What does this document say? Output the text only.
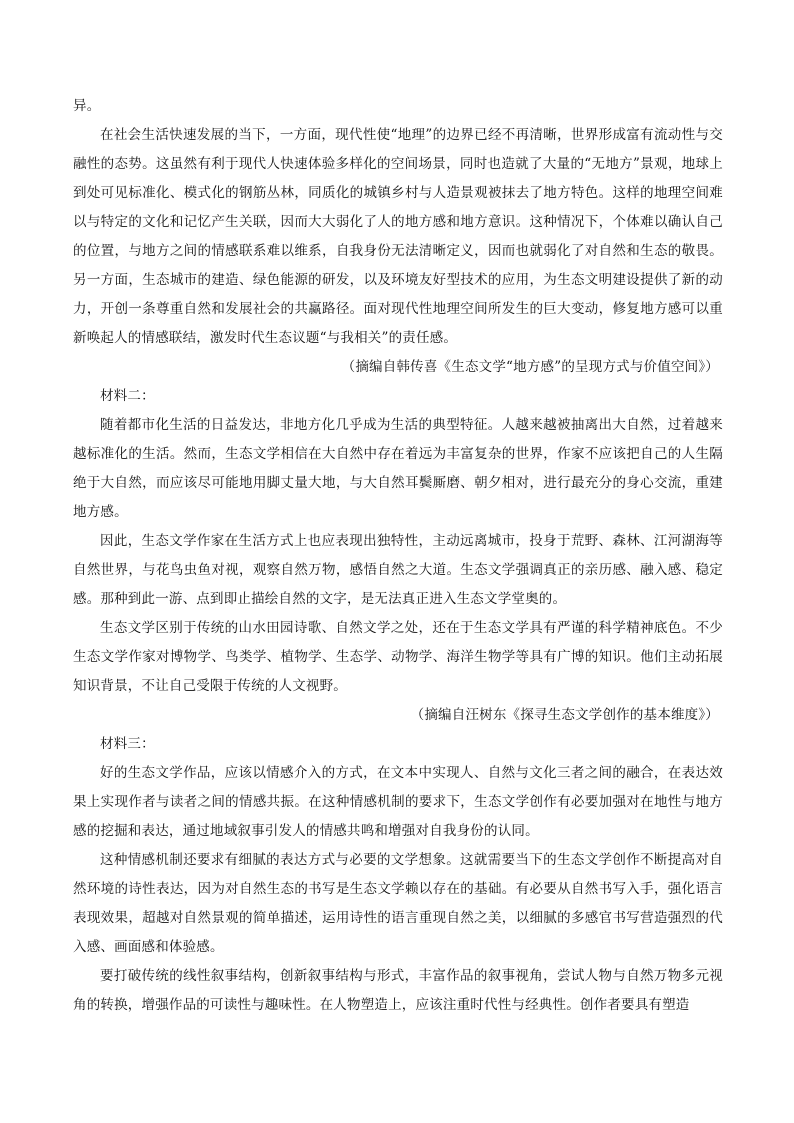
异。

在社会生活快速发展的当下，一方面，现代性使“地理”的边界已经不再清晰，世界形成富有流动性与交融性的态势。这虽然有利于现代人快速体验多样化的空间场景，同时也造就了大量的“无地方”景观，地球上到处可见标准化、模式化的钢筋丛林，同质化的城镇乡村与人造景观被抹去了地方特色。这样的地理空间难以与特定的文化和记忆产生关联，因而大大弱化了人的地方感和地方意识。这种情况下，个体难以确认自己的位置，与地方之间的情感联系难以维系，自我身份无法清晰定义，因而也就弱化了对自然和生态的敬畏。另一方面，生态城市的建造、绿色能源的研发，以及环境友好型技术的应用，为生态文明建设提供了新的动力，开创一条尊重自然和发展社会的共赢路径。面对现代性地理空间所发生的巨大变动，修复地方感可以重新唤起人的情感联结，激发时代生态议题“与我相关”的责任感。

（摘编自韩传喜《生态文学“地方感”的呈现方式与价值空间》）

材料二：

随着都市化生活的日益发达，非地方化几乎成为生活的典型特征。人越来越被抽离出大自然，过着越来越标准化的生活。然而，生态文学相信在大自然中存在着远为丰富复杂的世界，作家不应该把自己的人生隔绝于大自然，而应该尽可能地用脚丈量大地，与大自然耳鬓厮磨、朝夕相对，进行最充分的身心交流，重建地方感。

因此，生态文学作家在生活方式上也应表现出独特性，主动远离城市，投身于荒野、森林、江河湖海等自然世界，与花鸟虫鱼对视，观察自然万物，感悟自然之大道。生态文学强调真正的亲历感、融入感、稳定感。那种到此一游、点到即止描绘自然的文字，是无法真正进入生态文学堂奥的。

生态文学区别于传统的山水田园诗歌、自然文学之处，还在于生态文学具有严谨的科学精神底色。不少生态文学作家对博物学、鸟类学、植物学、生态学、动物学、海洋生物学等具有广博的知识。他们主动拓展知识背景，不让自己受限于传统的人文视野。

（摘编自汪树东《探寻生态文学创作的基本维度》）

材料三：

好的生态文学作品，应该以情感介入的方式，在文本中实现人、自然与文化三者之间的融合，在表达效果上实现作者与读者之间的情感共振。在这种情感机制的要求下，生态文学创作有必要加强对在地性与地方感的挖掘和表达，通过地域叙事引发人的情感共鸣和增强对自我身份的认同。

这种情感机制还要求有细腻的表达方式与必要的文学想象。这就需要当下的生态文学创作不断提高对自然环境的诗性表达，因为对自然生态的书写是生态文学赖以存在的基础。有必要从自然书写入手，强化语言表现效果，超越对自然景观的简单描述，运用诗性的语言重现自然之美，以细腻的多感官书写营造强烈的代入感、画面感和体验感。

要打破传统的线性叙事结构，创新叙事结构与形式，丰富作品的叙事视角，尝试人物与自然万物多元视角的转换，增强作品的可读性与趣味性。在人物塑造上，应该注重时代性与经典性。创作者要具有塑造
